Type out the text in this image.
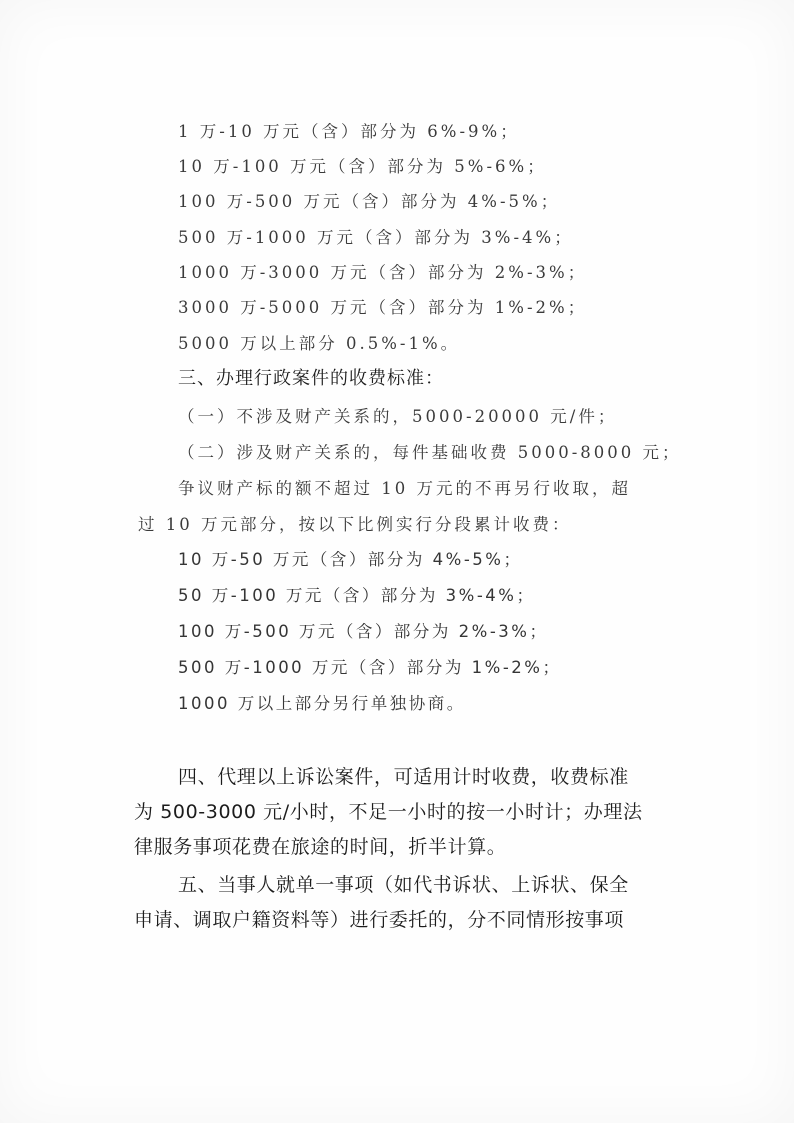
1 万-10 万元（含）部分为 6%-9%；
10 万-100 万元（含）部分为 5%-6%；
100 万-500 万元（含）部分为 4%-5%；
500 万-1000 万元（含）部分为 3%-4%；
1000 万-3000 万元（含）部分为 2%-3%；
3000 万-5000 万元（含）部分为 1%-2%；
5000 万以上部分 0.5%-1%。
三、办理行政案件的收费标准：
（一）不涉及财产关系的，5000-20000 元/件；
（二）涉及财产关系的，每件基础收费 5000-8000 元；
争议财产标的额不超过 10 万元的不再另行收取，超
过 10 万元部分，按以下比例实行分段累计收费：
10 万-50 万元（含）部分为 4%-5%；
50 万-100 万元（含）部分为 3%-4%；
100 万-500 万元（含）部分为 2%-3%；
500 万-1000 万元（含）部分为 1%-2%；
1000 万以上部分另行单独协商。
四、代理以上诉讼案件，可适用计时收费，收费标准
为 500-3000 元/小时，不足一小时的按一小时计；办理法
律服务事项花费在旅途的时间，折半计算。
五、当事人就单一事项（如代书诉状、上诉状、保全
申请、调取户籍资料等）进行委托的，分不同情形按事项
